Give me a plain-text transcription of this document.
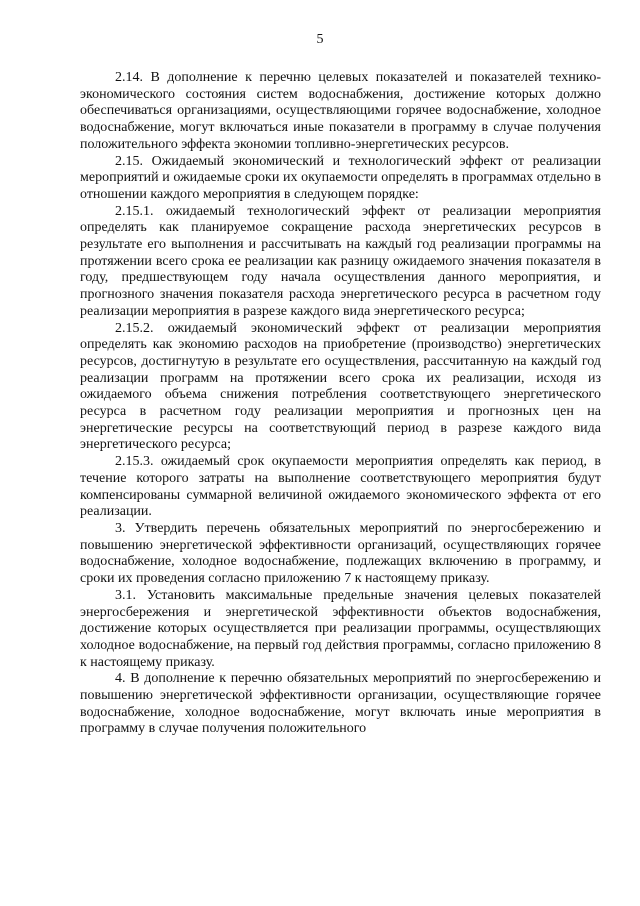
5

2.14. В дополнение к перечню целевых показателей и показателей технико-экономического состояния систем водоснабжения, достижение которых должно обеспечиваться организациями, осуществляющими горячее водоснабжение, холодное водоснабжение, могут включаться иные показатели в программу в случае получения положительного эффекта экономии топливно-энергетических ресурсов.

2.15. Ожидаемый экономический и технологический эффект от реализации мероприятий и ожидаемые сроки их окупаемости определять в программах отдельно в отношении каждого мероприятия в следующем порядке:

2.15.1. ожидаемый технологический эффект от реализации мероприятия определять как планируемое сокращение расхода энергетических ресурсов в результате его выполнения и рассчитывать на каждый год реализации программы на протяжении всего срока ее реализации как разницу ожидаемого значения показателя в году, предшествующем году начала осуществления данного мероприятия, и прогнозного значения показателя расхода энергетического ресурса в расчетном году реализации мероприятия в разрезе каждого вида энергетического ресурса;

2.15.2. ожидаемый экономический эффект от реализации мероприятия определять как экономию расходов на приобретение (производство) энергетических ресурсов, достигнутую в результате его осуществления, рассчитанную на каждый год реализации программ на протяжении всего срока их реализации, исходя из ожидаемого объема снижения потребления соответствующего энергетического ресурса в расчетном году реализации мероприятия и прогнозных цен на энергетические ресурсы на соответствующий период в разрезе каждого вида энергетического ресурса;

2.15.3. ожидаемый срок окупаемости мероприятия определять как период, в течение которого затраты на выполнение соответствующего мероприятия будут компенсированы суммарной величиной ожидаемого экономического эффекта от его реализации.

3. Утвердить перечень обязательных мероприятий по энергосбережению и повышению энергетической эффективности организаций, осуществляющих горячее водоснабжение, холодное водоснабжение, подлежащих включению в программу, и сроки их проведения согласно приложению 7 к настоящему приказу.

3.1. Установить максимальные предельные значения целевых показателей энергосбережения и энергетической эффективности объектов водоснабжения, достижение которых осуществляется при реализации программы, осуществляющих холодное водоснабжение, на первый год действия программы, согласно приложению 8 к настоящему приказу.

4. В дополнение к перечню обязательных мероприятий по энергосбережению и повышению энергетической эффективности организации, осуществляющие горячее водоснабжение, холодное водоснабжение, могут включать иные мероприятия в программу в случае получения положительного
